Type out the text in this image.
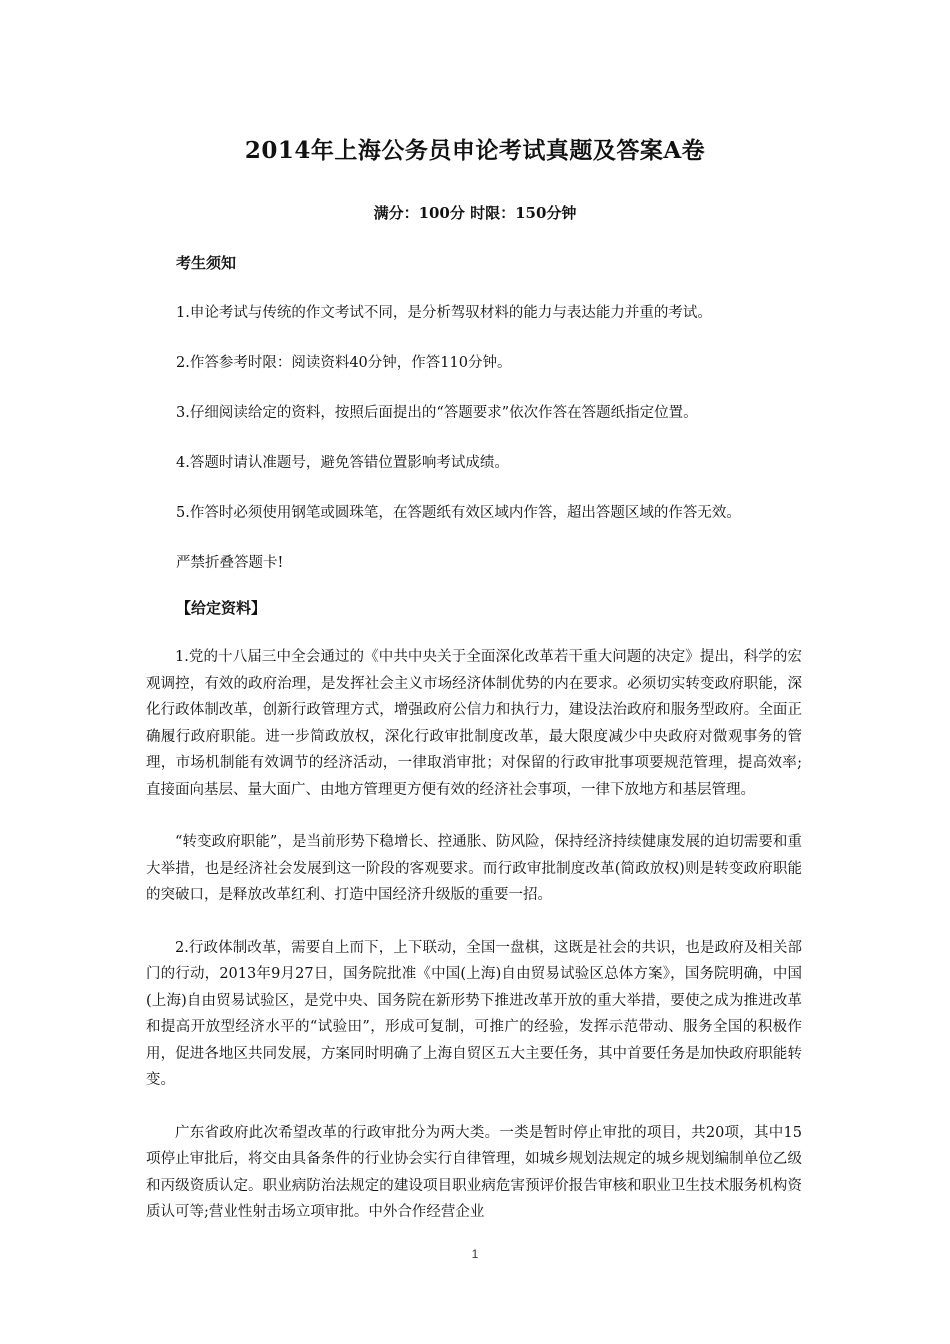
2014年上海公务员申论考试真题及答案A卷

满分：100分 时限：150分钟

考生须知

1.申论考试与传统的作文考试不同，是分析驾驭材料的能力与表达能力并重的考试。

2.作答参考时限：阅读资料40分钟，作答110分钟。

3.仔细阅读给定的资料，按照后面提出的“答题要求”依次作答在答题纸指定位置。

4.答题时请认准题号，避免答错位置影响考试成绩。

5.作答时必须使用钢笔或圆珠笔，在答题纸有效区域内作答，超出答题区域的作答无效。

严禁折叠答题卡!

【给定资料】

1.党的十八届三中全会通过的《中共中央关于全面深化改革若干重大问题的决定》提出，科学的宏观调控，有效的政府治理，是发挥社会主义市场经济体制优势的内在要求。必须切实转变政府职能，深化行政体制改革，创新行政管理方式，增强政府公信力和执行力，建设法治政府和服务型政府。全面正确履行政府职能。进一步简政放权，深化行政审批制度改革，最大限度减少中央政府对微观事务的管理，市场机制能有效调节的经济活动，一律取消审批；对保留的行政审批事项要规范管理，提高效率;直接面向基层、量大面广、由地方管理更方便有效的经济社会事项，一律下放地方和基层管理。

“转变政府职能”，是当前形势下稳增长、控通胀、防风险，保持经济持续健康发展的迫切需要和重大举措，也是经济社会发展到这一阶段的客观要求。而行政审批制度改革(简政放权)则是转变政府职能的突破口，是释放改革红利、打造中国经济升级版的重要一招。

2.行政体制改革，需要自上而下，上下联动，全国一盘棋，这既是社会的共识，也是政府及相关部门的行动，2013年9月27日，国务院批准《中国(上海)自由贸易试验区总体方案》，国务院明确，中国(上海)自由贸易试验区，是党中央、国务院在新形势下推进改革开放的重大举措，要使之成为推进改革和提高开放型经济水平的“试验田”，形成可复制，可推广的经验，发挥示范带动、服务全国的积极作用，促进各地区共同发展，方案同时明确了上海自贸区五大主要任务，其中首要任务是加快政府职能转变。

广东省政府此次希望改革的行政审批分为两大类。一类是暂时停止审批的项目，共20项，其中15项停止审批后，将交由具备条件的行业协会实行自律管理，如城乡规划法规定的城乡规划编制单位乙级和丙级资质认定。职业病防治法规定的建设项目职业病危害预评价报告审核和职业卫生技术服务机构资质认可等;营业性射击场立项审批。中外合作经营企业

1
